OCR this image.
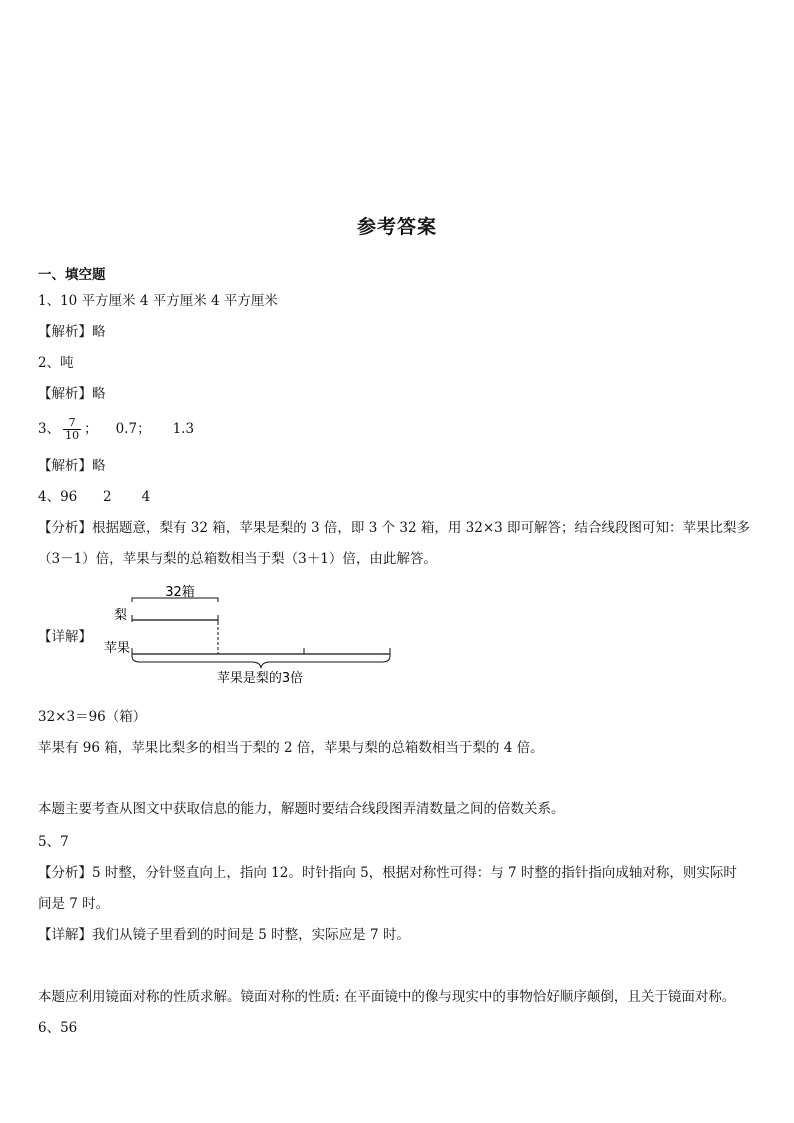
参考答案
一、填空题
1、10 平方厘米 4 平方厘米 4 平方厘米
【解析】略
2、吨
【解析】略
3、 $\frac{7}{10}$ ； 0.7； 1.3
【解析】略
4、96      2       4
【分析】根据题意，梨有 32 箱，苹果是梨的 3 倍，即 3 个 32 箱，用 32×3 即可解答；结合线段图可知：苹果比梨多
（3－1）倍，苹果与梨的总箱数相当于梨（3＋1）倍，由此解答。
【详解】
32箱
梨
苹果
苹果是梨的3倍
32×3＝96（箱）
苹果有 96 箱，苹果比梨多的相当于梨的 2 倍，苹果与梨的总箱数相当于梨的 4 倍。
本题主要考查从图文中获取信息的能力，解题时要结合线段图弄清数量之间的倍数关系。
5、7
【分析】5 时整，分针竖直向上，指向 12。时针指向 5，根据对称性可得：与 7 时整的指针指向成轴对称，则实际时
间是 7 时。
【详解】我们从镜子里看到的时间是 5 时整，实际应是 7 时。
本题应利用镜面对称的性质求解。镜面对称的性质: 在平面镜中的像与现实中的事物恰好顺序颠倒，且关于镜面对称。
6、56
